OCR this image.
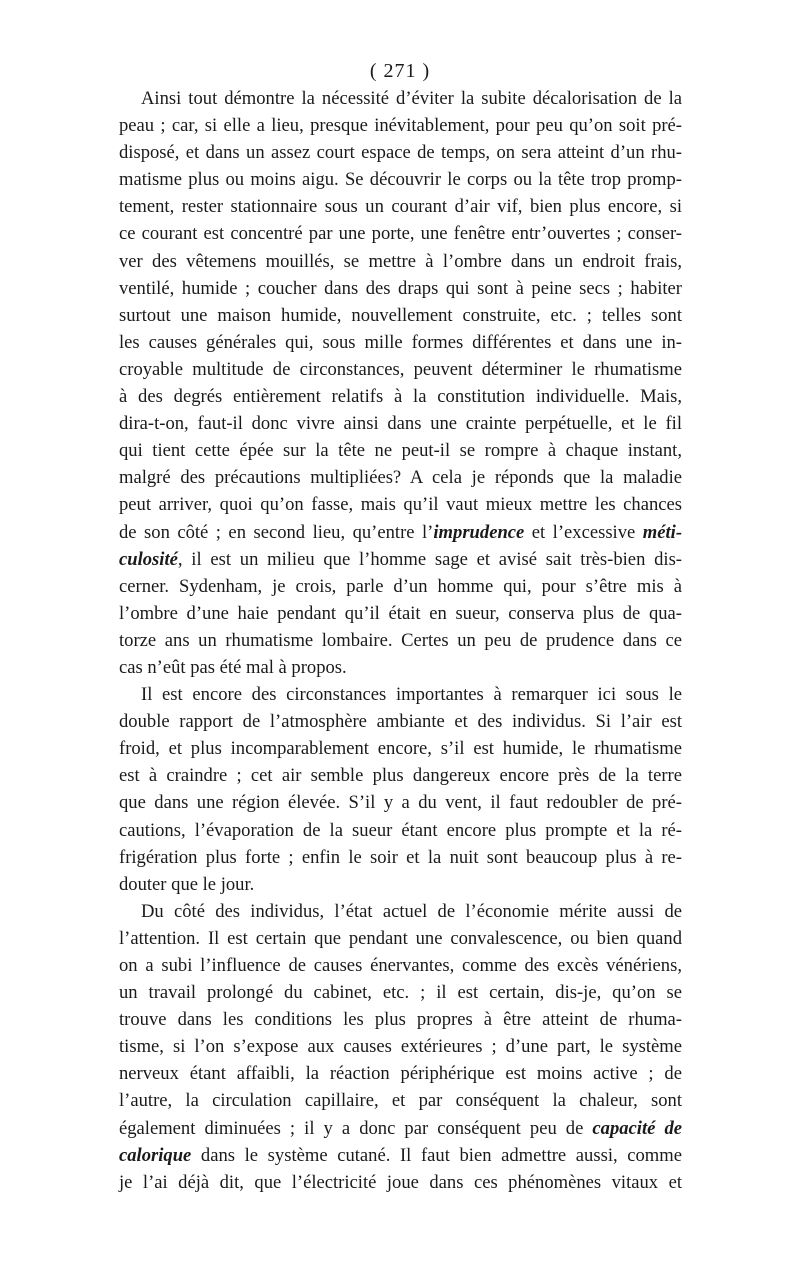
( 271 )
Ainsi tout démontre la nécessité d’éviter la subite décalorisation de la
peau ; car, si elle a lieu, presque inévitablement, pour peu qu’on soit pré-
disposé, et dans un assez court espace de temps, on sera atteint d’un rhu-
matisme plus ou moins aigu. Se découvrir le corps ou la tête trop promp-
tement, rester stationnaire sous un courant d’air vif, bien plus encore, si
ce courant est concentré par une porte, une fenêtre entr’ouvertes ; conser-
ver des vêtemens mouillés, se mettre à l’ombre dans un endroit frais,
ventilé, humide ; coucher dans des draps qui sont à peine secs ; habiter
surtout une maison humide, nouvellement construite, etc. ; telles sont
les causes générales qui, sous mille formes différentes et dans une in-
croyable multitude de circonstances, peuvent déterminer le rhumatisme
à des degrés entièrement relatifs à la constitution individuelle. Mais,
dira-t-on, faut-il donc vivre ainsi dans une crainte perpétuelle, et le fil
qui tient cette épée sur la tête ne peut-il se rompre à chaque instant,
malgré des précautions multipliées? A cela je réponds que la maladie
peut arriver, quoi qu’on fasse, mais qu’il vaut mieux mettre les chances
de son côté ; en second lieu, qu’entre l’imprudence et l’excessive méti-
culosité, il est un milieu que l’homme sage et avisé sait très-bien dis-
cerner. Sydenham, je crois, parle d’un homme qui, pour s’être mis à
l’ombre d’une haie pendant qu’il était en sueur, conserva plus de qua-
torze ans un rhumatisme lombaire. Certes un peu de prudence dans ce
cas n’eût pas été mal à propos.
Il est encore des circonstances importantes à remarquer ici sous le
double rapport de l’atmosphère ambiante et des individus. Si l’air est
froid, et plus incomparablement encore, s’il est humide, le rhumatisme
est à craindre ; cet air semble plus dangereux encore près de la terre
que dans une région élevée. S’il y a du vent, il faut redoubler de pré-
cautions, l’évaporation de la sueur étant encore plus prompte et la ré-
frigération plus forte ; enfin le soir et la nuit sont beaucoup plus à re-
douter que le jour.
Du côté des individus, l’état actuel de l’économie mérite aussi de
l’attention. Il est certain que pendant une convalescence, ou bien quand
on a subi l’influence de causes énervantes, comme des excès vénériens,
un travail prolongé du cabinet, etc. ; il est certain, dis-je, qu’on se
trouve dans les conditions les plus propres à être atteint de rhuma-
tisme, si l’on s’expose aux causes extérieures ; d’une part, le système
nerveux étant affaibli, la réaction périphérique est moins active ; de
l’autre, la circulation capillaire, et par conséquent la chaleur, sont
également diminuées ; il y a donc par conséquent peu de capacité de
calorique dans le système cutané. Il faut bien admettre aussi, comme
je l’ai déjà dit, que l’électricité joue dans ces phénomènes vitaux et
